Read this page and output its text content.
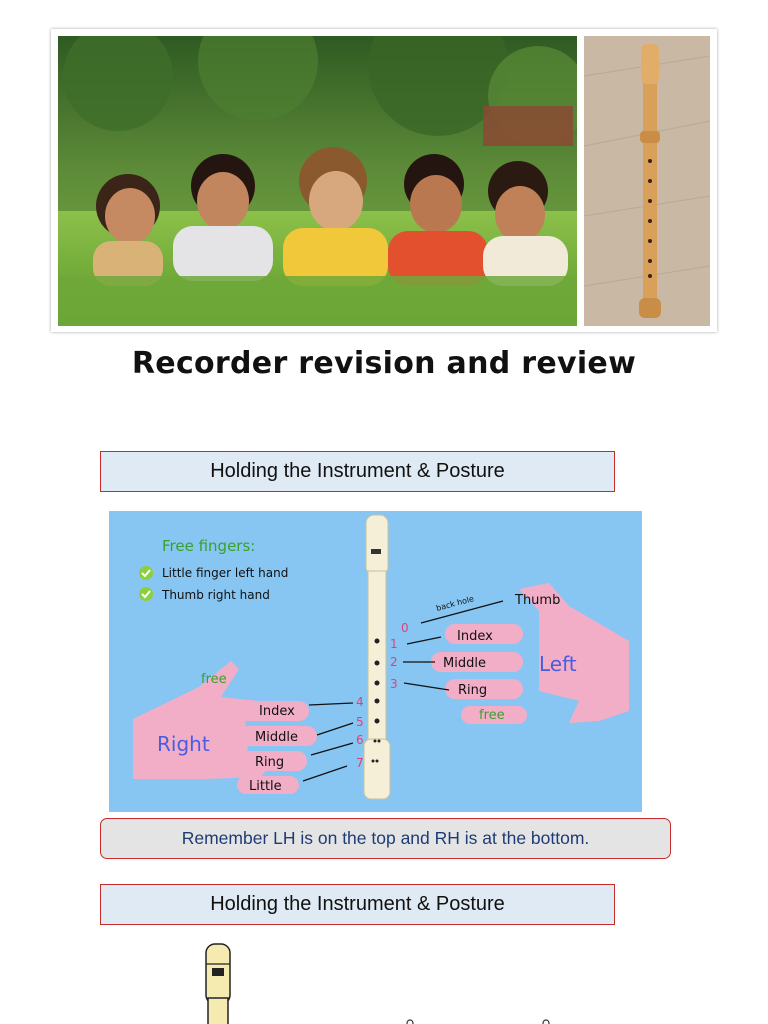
Recorder revision and review
Holding the Instrument & Posture
Free fingers:
Little finger left hand
Thumb right hand
0
1
2
3
back hole	Thumb
Index
Middle
Ring
free
Left
4
5
6
7
Index
Middle
Ring
Little
free
Right
Remember LH is on the top and RH is at the bottom.
Holding the Instrument & Posture
